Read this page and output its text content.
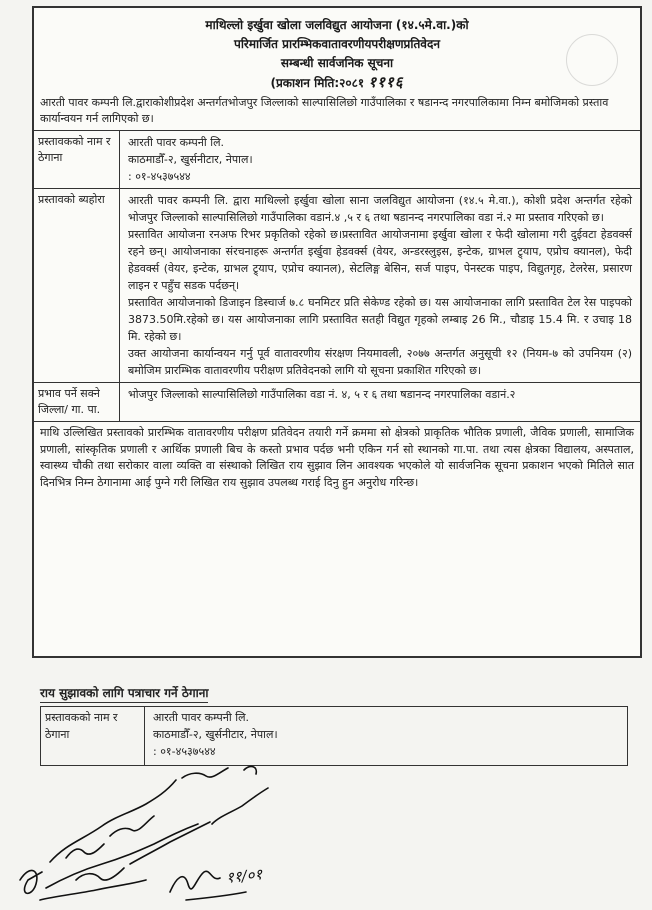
माथिल्लो इर्खुवा खोला जलविद्युत आयोजना (१४.५मे.वा.)को
परिमार्जित प्रारम्भिकवातावरणीयपरीक्षणप्रतिवेदन
सम्बन्धी सार्वजनिक सूचना
(प्रकाशन मिति:२०८१ १११६
आरती पावर कम्पनी लि.द्वाराकोशीप्रदेश अन्तर्गतभोजपुर जिल्लाको साल्पासिलिछो गाउँपालिका र षडानन्द नगरपालिकामा निम्न बमोजिमको प्रस्ताव कार्यान्वयन गर्न लागिएको छ।
प्रस्तावकको नाम र ठेगाना

आरती पावर कम्पनी लि.

काठमाडौँ-२, खुर्सनीटार, नेपाल।

: ०१-४५३७५४४

प्रस्तावको ब्यहोरा	आरती पावर कम्पनी लि. द्वारा माथिल्लो इर्खुवा खोला साना जलविद्युत आयोजना (१४.५ मे.वा.), कोशी प्रदेश अन्तर्गत रहेको भोजपुर जिल्लाको साल्पासिलिछो गाउँपालिका वडानं.४ ,५ र ६ तथा षडानन्द नगरपालिका वडा नं.२ मा प्रस्ताव गरिएको छ।

प्रस्तावित आयोजना रनअफ रिभर प्रकृतिको रहेको छ।प्रस्तावित आयोजनामा इर्खुवा खोला र फेदी खोलामा गरी दुईवटा हेडवर्क्स रहने छन्। आयोजनाका संरचनाहरू अन्तर्गत इर्खुवा हेडवर्क्स (वेयर, अन्डरस्लुइस, इन्टेक, ग्राभल ट्र्याप, एप्रोच क्यानल), फेदी हेडवर्क्स (वेयर, इन्टेक, ग्राभल ट्र्याप, एप्रोच क्यानल), सेटलिङ्ग बेसिन, सर्ज पाइप, पेनस्टक पाइप, विद्युतगृह, टेलरेस, प्रसारण लाइन र पहुँच सडक पर्दछन्।

प्रस्तावित आयोजनाको डिजाइन डिस्चार्ज ७.८ घनमिटर प्रति सेकेण्ड रहेको छ। यस आयोजनाका लागि प्रस्तावित टेल रेस पाइपको 3873.50मि.रहेको छ। यस आयोजनाका लागि प्रस्तावित सतही विद्युत गृहको लम्बाइ 26 मि., चौडाइ 15.4 मि. र उचाइ 18 मि. रहेको छ।

उक्त आयोजना कार्यान्वयन गर्नु पूर्व वातावरणीय संरक्षण नियमावली, २०७७ अन्तर्गत अनुसूची १२ (नियम-७ को उपनियम (२) बमोजिम प्रारम्भिक वातावरणीय परीक्षण प्रतिवेदनको लागि यो सूचना प्रकाशित गरिएको छ।

प्रभाव पर्ने सक्ने जिल्ला/ गा. पा.
भोजपुर जिल्लाको साल्पासिलिछो गाउँपालिका वडा नं. ४, ५ र ६ तथा षडानन्द नगरपालिका वडानं.२
माथि उल्लिखित प्रस्तावको प्रारम्भिक वातावरणीय परीक्षण प्रतिवेदन तयारी गर्ने क्रममा सो क्षेत्रको प्राकृतिक भौतिक प्रणाली, जैविक प्रणाली, सामाजिक प्रणाली, सांस्कृतिक प्रणाली र आर्थिक प्रणाली बिच के कस्तो प्रभाव पर्दछ भनी एकिन गर्न सो स्थानको गा.पा. तथा त्यस क्षेत्रका विद्यालय, अस्पताल, स्वास्थ्य चौकी तथा सरोकार वाला व्यक्ति वा संस्थाको लिखित राय सुझाव लिन आवश्यक भएकोले यो सार्वजनिक सूचना प्रकाशन भएको मितिले सात दिनभित्र निम्न ठेगानामा आई पुग्ने गरी लिखित राय सुझाव उपलब्ध गराई दिनु हुन अनुरोध गरिन्छ।
राय सुझावको लागि पत्राचार गर्ने ठेगाना
प्रस्तावकको नाम र ठेगाना
आरती पावर कम्पनी लि.
काठमाडौँ-२, खुर्सनीटार, नेपाल।
: ०१-४५३७५४४
११/०१
